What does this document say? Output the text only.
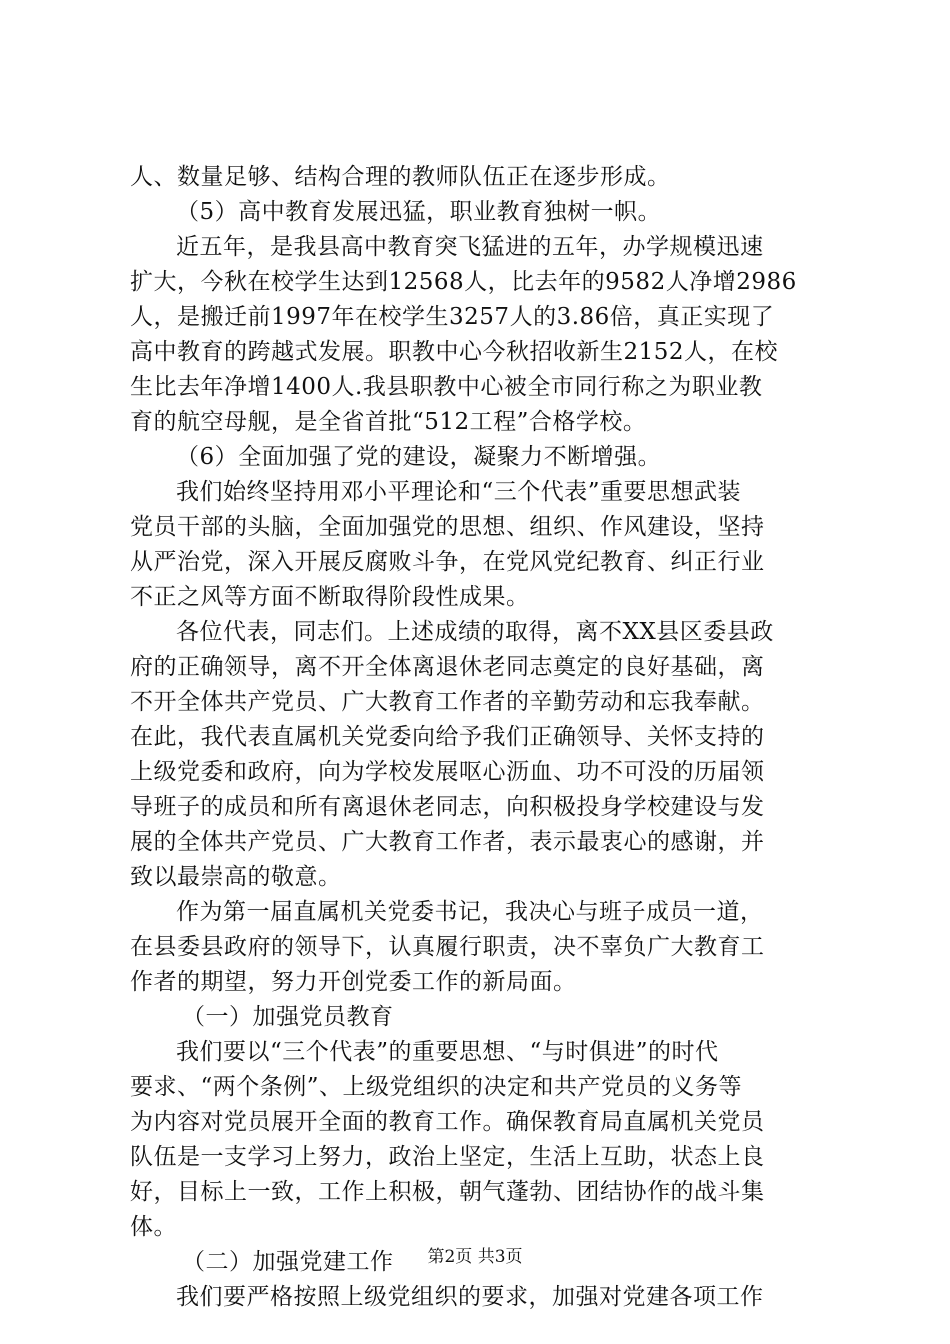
人、数量足够、结构合理的教师队伍正在逐步形成。
（5）高中教育发展迅猛，职业教育独树一帜。
近五年，是我县高中教育突飞猛进的五年，办学规模迅速
扩大，今秋在校学生达到12568人，比去年的9582人净增2986
人，是搬迁前1997年在校学生3257人的3.86倍，真正实现了
高中教育的跨越式发展。职教中心今秋招收新生2152人，在校
生比去年净增1400人.我县职教中心被全市同行称之为职业教
育的航空母舰，是全省首批“512工程”合格学校。
（6）全面加强了党的建设，凝聚力不断增强。
我们始终坚持用邓小平理论和“三个代表”重要思想武装
党员干部的头脑，全面加强党的思想、组织、作风建设，坚持
从严治党，深入开展反腐败斗争，在党风党纪教育、纠正行业
不正之风等方面不断取得阶段性成果。
各位代表，同志们。上述成绩的取得，离不XX县区委县政
府的正确领导，离不开全体离退休老同志奠定的良好基础，离
不开全体共产党员、广大教育工作者的辛勤劳动和忘我奉献。
在此，我代表直属机关党委向给予我们正确领导、关怀支持的
上级党委和政府，向为学校发展呕心沥血、功不可没的历届领
导班子的成员和所有离退休老同志，向积极投身学校建设与发
展的全体共产党员、广大教育工作者，表示最衷心的感谢，并
致以最崇高的敬意。
作为第一届直属机关党委书记，我决心与班子成员一道，
在县委县政府的领导下，认真履行职责，决不辜负广大教育工
作者的期望，努力开创党委工作的新局面。
（一）加强党员教育
我们要以“三个代表”的重要思想、“与时俱进”的时代
要求、“两个条例”、上级党组织的决定和共产党员的义务等
为内容对党员展开全面的教育工作。确保教育局直属机关党员
队伍是一支学习上努力，政治上坚定，生活上互助，状态上良
好，目标上一致，工作上积极，朝气蓬勃、团结协作的战斗集
体。
（二）加强党建工作
我们要严格按照上级党组织的要求，加强对党建各项工作
第2页 共3页
